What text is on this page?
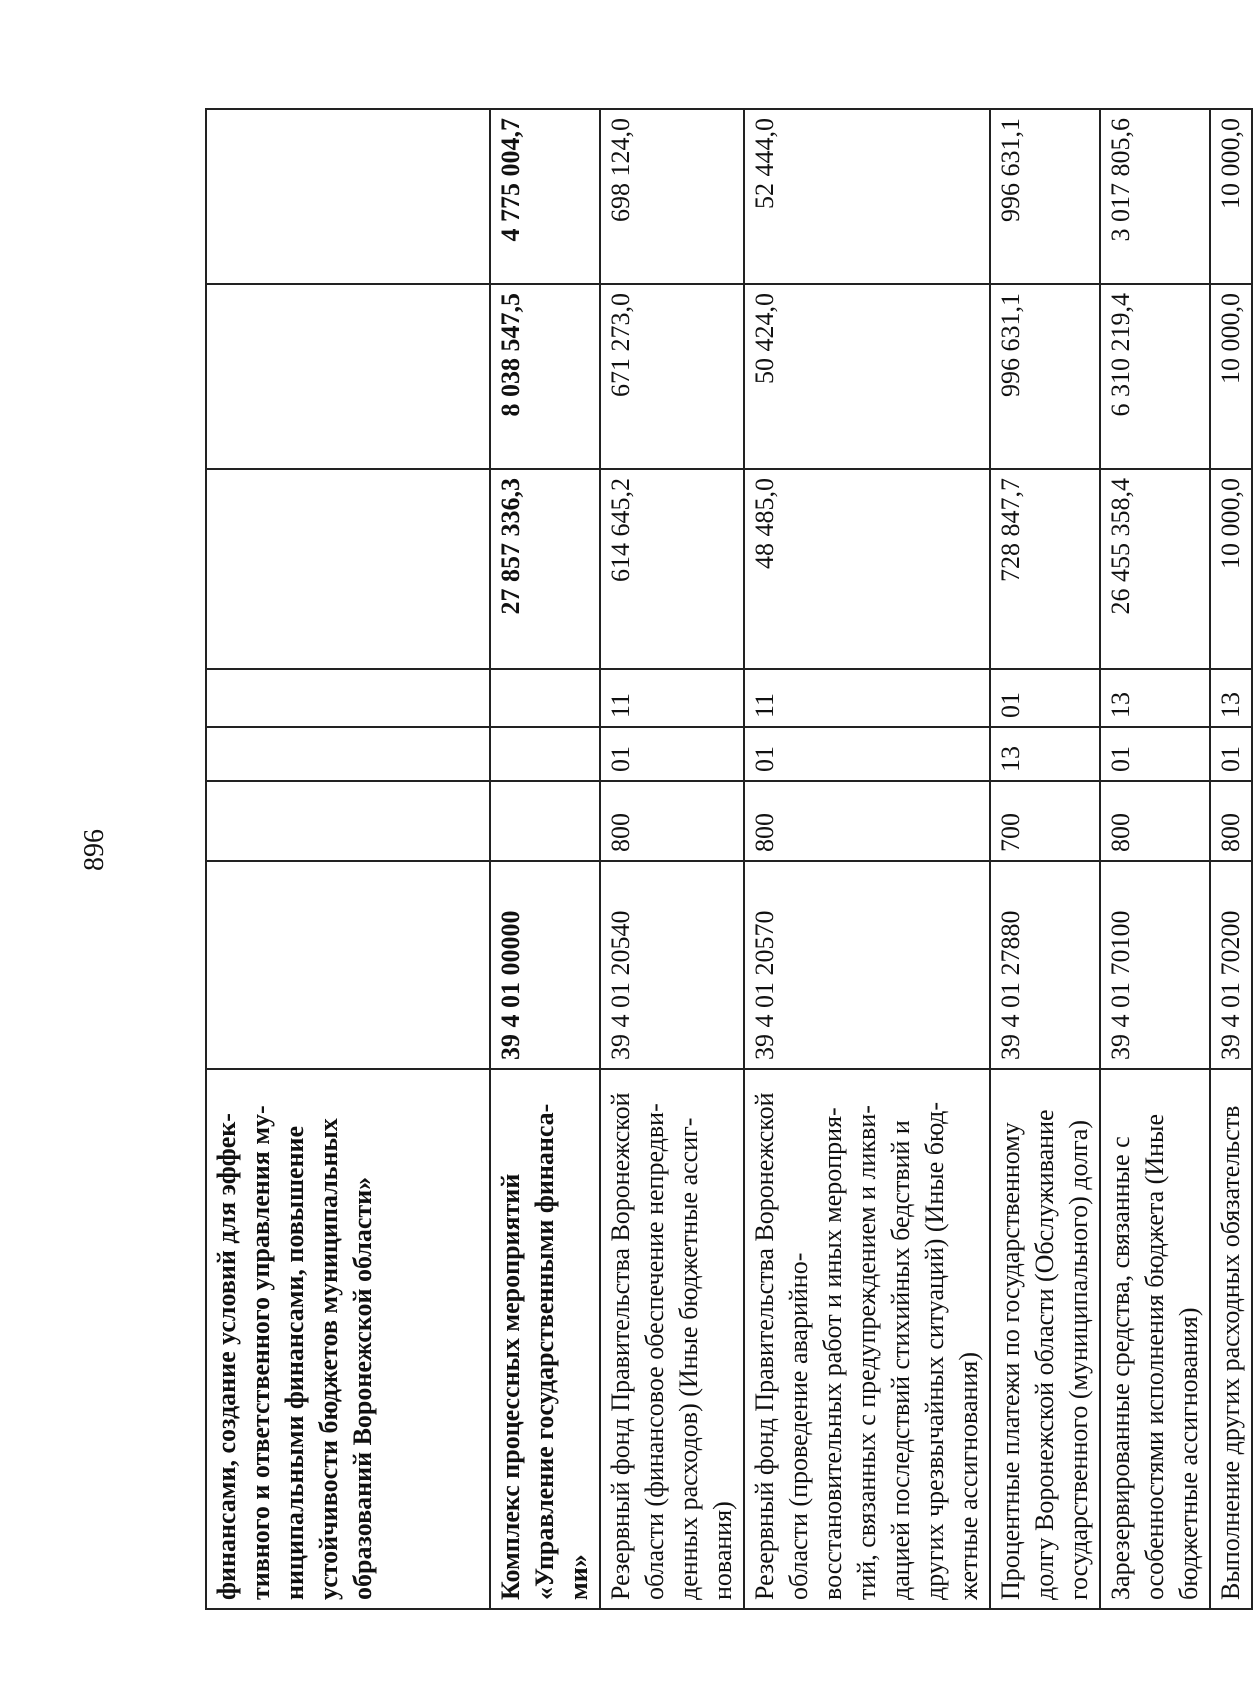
896
финансами, создание условий для эффек- тивного и ответственного управления му- ниципальными финансами, повышение устойчивости бюджетов муниципальных образований Воронежской области»							
Комплекс процессных мероприятий «Управление государственными финанса- ми»	39 4 01 00000				27 857 336,3	8 038 547,5	4 775 004,7
Резервный фонд Правительства Воронежской области (финансовое обеспечение непредви- денных расходов) (Иные бюджетные ассиг- нования)	39 4 01 20540	800	01	11	614 645,2	671 273,0	698 124,0
Резервный фонд Правительства Воронежской области (проведение аварийно- восстановительных работ и иных мероприя- тий, связанных с предупреждением и ликви- дацией последствий стихийных бедствий и других чрезвычайных ситуаций) (Иные бюд- жетные ассигнования)	39 4 01 20570	800	01	11	48 485,0	50 424,0	52 444,0
Процентные платежи по государственному долгу Воронежской области (Обслуживание государственного (муниципального) долга)	39 4 01 27880	700	13	01	728 847,7	996 631,1	996 631,1
Зарезервированные средства, связанные с особенностями исполнения бюджета (Иные бюджетные ассигнования)	39 4 01 70100	800	01	13	26 455 358,4	6 310 219,4	3 017 805,6
Выполнение других расходных обязательств	39 4 01 70200	800	01	13	10 000,0	10 000,0	10 000,0
